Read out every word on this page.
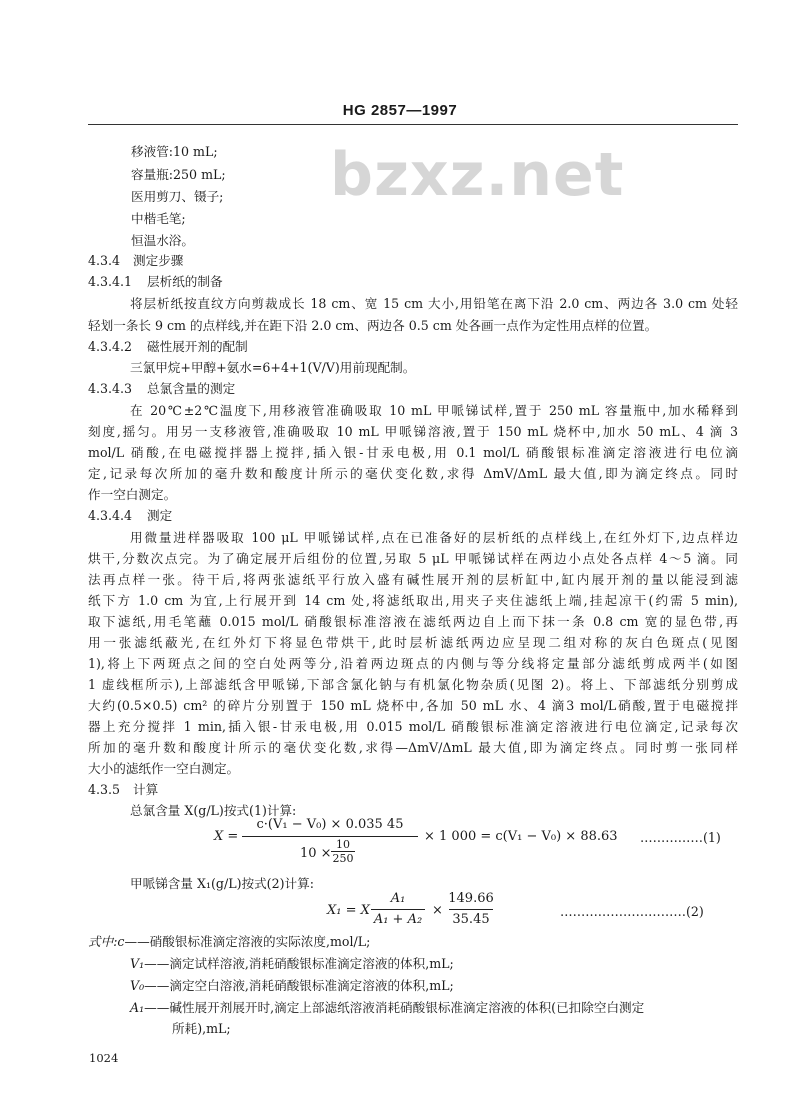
HG 2857—1997
bzxz.net
移液管:10 mL;
容量瓶:250 mL;
医用剪刀、镊子;
中楷毛笔;
恒温水浴。
4.3.4 测定步骤
4.3.4.1 层析纸的制备
将层析纸按直纹方向剪裁成长 18 cm、宽 15 cm 大小,用铅笔在离下沿 2.0 cm、两边各 3.0 cm 处轻
轻划一条长 9 cm 的点样线,并在距下沿 2.0 cm、两边各 0.5 cm 处各画一点作为定性用点样的位置。
4.3.4.2 磁性展开剂的配制
三氯甲烷+甲醇+氨水=6+4+1(V/V)用前现配制。
4.3.4.3 总氯含量的测定
在 20℃±2℃温度下,用移液管准确吸取 10 mL 甲哌锑试样,置于 250 mL 容量瓶中,加水稀释到
刻度,摇匀。用另一支移液管,准确吸取 10 mL 甲哌锑溶液,置于 150 mL 烧杯中,加水 50 mL、4 滴 3
mol/L 硝酸,在电磁搅拌器上搅拌,插入银-甘汞电极,用 0.1 mol/L 硝酸银标准滴定溶液进行电位滴
定,记录每次所加的毫升数和酸度计所示的毫伏变化数,求得 ΔmV/ΔmL 最大值,即为滴定终点。同时
作一空白测定。
4.3.4.4 测定
用微量进样器吸取 100 μL 甲哌锑试样,点在已准备好的层析纸的点样线上,在红外灯下,边点样边
烘干,分数次点完。为了确定展开后组份的位置,另取 5 μL 甲哌锑试样在两边小点处各点样 4～5 滴。同
法再点样一张。待干后,将两张滤纸平行放入盛有碱性展开剂的层析缸中,缸内展开剂的量以能浸到滤
纸下方 1.0 cm 为宜,上行展开到 14 cm 处,将滤纸取出,用夹子夹住滤纸上端,挂起凉干(约需 5 min),
取下滤纸,用毛笔蘸 0.015 mol/L 硝酸银标准溶液在滤纸两边自上而下抹一条 0.8 cm 宽的显色带,再
用一张滤纸蔽光,在红外灯下将显色带烘干,此时层析滤纸两边应呈现二组对称的灰白色斑点(见图
1),将上下两斑点之间的空白处两等分,沿着两边斑点的内侧与等分线将定量部分滤纸剪成两半(如图
1 虚线框所示),上部滤纸含甲哌锑,下部含氯化钠与有机氯化物杂质(见图 2)。将上、下部滤纸分别剪成
大约(0.5×0.5) cm² 的碎片分别置于 150 mL 烧杯中,各加 50 mL 水、4 滴3 mol/L硝酸,置于电磁搅拌
器上充分搅拌 1 min,插入银-甘汞电极,用 0.015 mol/L 硝酸银标准滴定溶液进行电位滴定,记录每次
所加的毫升数和酸度计所示的毫伏变化数,求得—ΔmV/ΔmL 最大值,即为滴定终点。同时剪一张同样
大小的滤纸作一空白测定。
4.3.5 计算
总氯含量 X(g/L)按式(1)计算:
X =
c·(V₁ − V₀) × 0.035 45
10 ×
10
250
× 1 000 = c(V₁ − V₀) × 88.63 ……………(1)
甲哌锑含量 X₁(g/L)按式(2)计算:
X₁ = X
A₁
A₁ + A₂
×
149.66
35.45
…………………………(2)
式中:c——硝酸银标准滴定溶液的实际浓度,mol/L;
V₁——滴定试样溶液,消耗硝酸银标准滴定溶液的体积,mL;
V₀——滴定空白溶液,消耗硝酸银标准滴定溶液的体积,mL;
A₁——碱性展开剂展开时,滴定上部滤纸溶液消耗硝酸银标准滴定溶液的体积(已扣除空白测定
所耗),mL;
1024
